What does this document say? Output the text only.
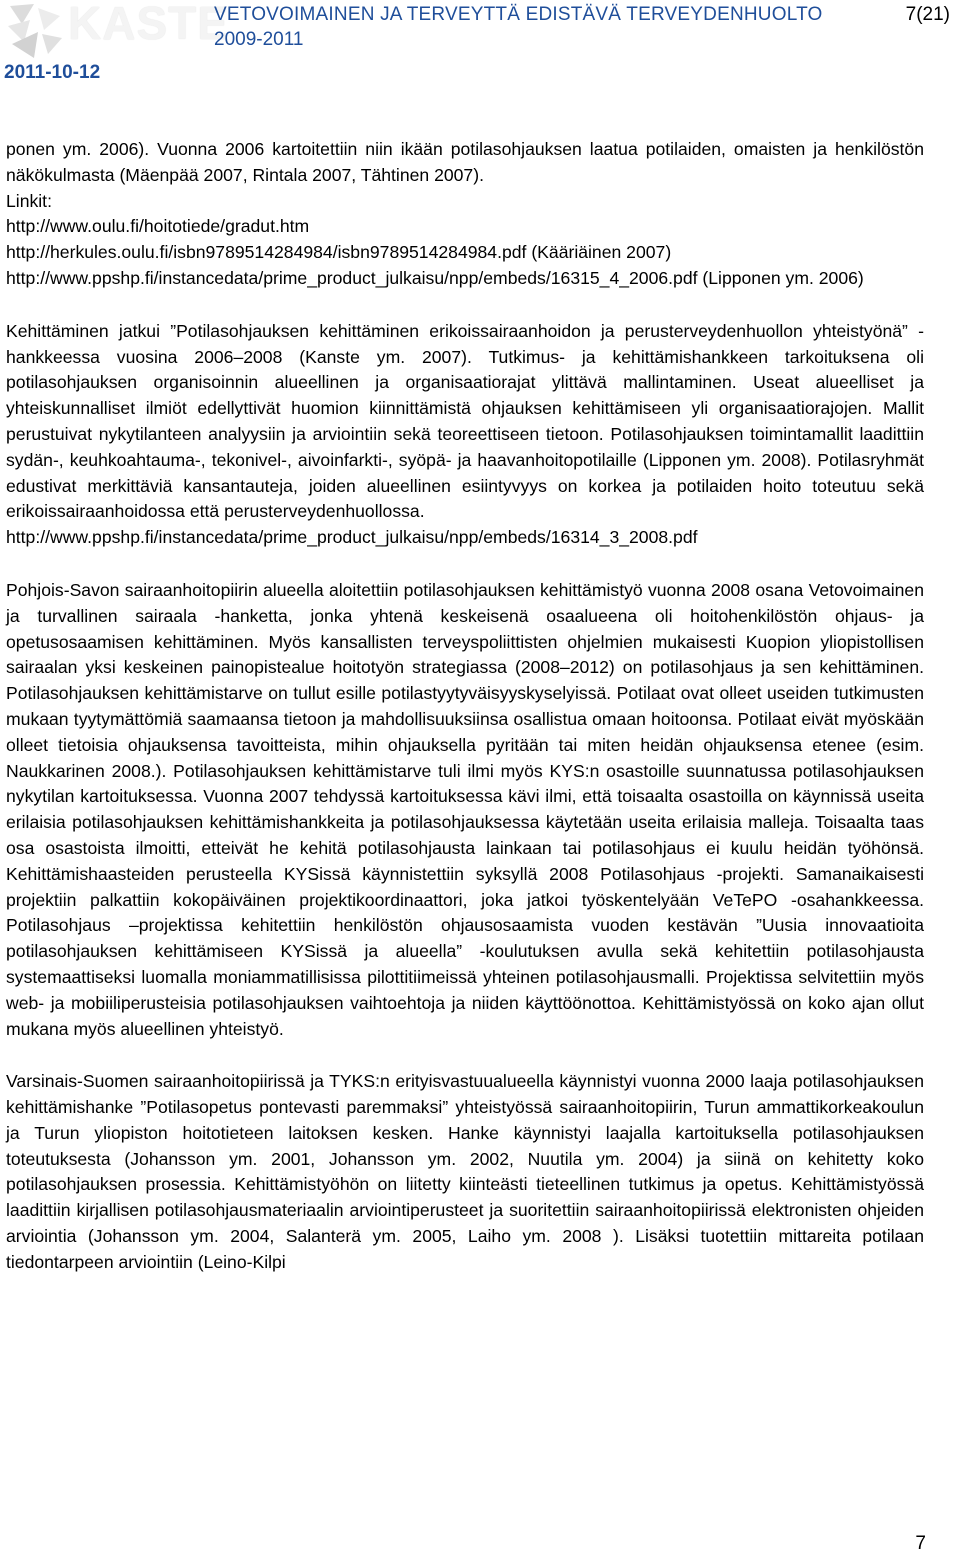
KASTE
VETOVOIMAINEN JA TERVEYTTÄ EDISTÄVÄ TERVEYDENHUOLTO
2009-2011
7(21)
2011-10-12

ponen ym. 2006). Vuonna 2006 kartoitettiin niin ikään potilasohjauksen laatua potilaiden, omaisten ja henkilöstön näkökulmasta (Mäenpää 2007, Rintala 2007, Tähtinen 2007).

Linkit:

http://www.oulu.fi/hoitotiede/gradut.htm

http://herkules.oulu.fi/isbn9789514284984/isbn9789514284984.pdf (Kääriäinen 2007)

http://www.ppshp.fi/instancedata/prime_product_julkaisu/npp/embeds/16315_4_2006.pdf (Lipponen ym. 2006)

Kehittäminen jatkui ”Potilasohjauksen kehittäminen erikoissairaanhoidon ja perusterveydenhuollon yhteistyönä” -hankkeessa vuosina 2006–2008 (Kanste ym. 2007). Tutkimus- ja kehittämishankkeen tarkoituksena oli potilasohjauksen organisoinnin alueellinen ja organisaatiorajat ylittävä mallintaminen. Useat alueelliset ja yhteiskunnalliset ilmiöt edellyttivät huomion kiinnittämistä ohjauksen kehittämiseen yli organisaatiorajojen. Mallit perustuivat nykytilanteen analyysiin ja arviointiin sekä teoreettiseen tietoon. Potilasohjauksen toimintamallit laadittiin sydän-, keuhkoahtauma-, tekonivel-, aivoinfarkti-, syöpä- ja haavanhoitopotilaille (Lipponen ym. 2008). Potilasryhmät edustivat merkittäviä kansantauteja, joiden alueellinen esiintyvyys on korkea ja potilaiden hoito toteutuu sekä erikoissairaanhoidossa että perusterveydenhuollossa.

http://www.ppshp.fi/instancedata/prime_product_julkaisu/npp/embeds/16314_3_2008.pdf

Pohjois-Savon sairaanhoitopiirin alueella aloitettiin potilasohjauksen kehittämistyö vuonna 2008 osana Vetovoimainen ja turvallinen sairaala -hanketta, jonka yhtenä keskeisenä osaalueena oli hoitohenkilöstön ohjaus- ja opetusosaamisen kehittäminen. Myös kansallisten terveyspoliittisten ohjelmien mukaisesti Kuopion yliopistollisen sairaalan yksi keskeinen painopistealue hoitotyön strategiassa (2008–2012) on potilasohjaus ja sen kehittäminen. Potilasohjauksen kehittämistarve on tullut esille potilastyytyväisyyskyselyissä. Potilaat ovat olleet useiden tutkimusten mukaan tyytymättömiä saamaansa tietoon ja mahdollisuuksiinsa osallistua omaan hoitoonsa. Potilaat eivät myöskään olleet tietoisia ohjauksensa tavoitteista, mihin ohjauksella pyritään tai miten heidän ohjauksensa etenee (esim. Naukkarinen 2008.). Potilasohjauksen kehittämistarve tuli ilmi myös KYS:n osastoille suunnatussa potilasohjauksen nykytilan kartoituksessa. Vuonna 2007 tehdyssä kartoituksessa kävi ilmi, että toisaalta osastoilla on käynnissä useita erilaisia potilasohjauksen kehittämishankkeita ja potilasohjauksessa käytetään useita erilaisia malleja. Toisaalta taas osa osastoista ilmoitti, etteivät he kehitä potilasohjausta lainkaan tai potilasohjaus ei kuulu heidän työhönsä. Kehittämishaasteiden perusteella KYSissä käynnistettiin syksyllä 2008 Potilasohjaus -projekti. Samanaikaisesti projektiin palkattiin kokopäiväinen projektikoordinaattori, joka jatkoi työskentelyään VeTePO -osahankkeessa. Potilasohjaus –projektissa kehitettiin henkilöstön ohjausosaamista vuoden kestävän ”Uusia innovaatioita potilasohjauksen kehittämiseen KYSissä ja alueella” -koulutuksen avulla sekä kehitettiin potilasohjausta systemaattiseksi luomalla moniammatillisissa pilottitiimeissä yhteinen potilasohjausmalli. Projektissa selvitettiin myös web- ja mobiiliperusteisia potilasohjauksen vaihtoehtoja ja niiden käyttöönottoa. Kehittämistyössä on koko ajan ollut mukana myös alueellinen yhteistyö.

Varsinais-Suomen sairaanhoitopiirissä ja TYKS:n erityisvastuualueella käynnistyi vuonna 2000 laaja potilasohjauksen kehittämishanke ”Potilasopetus pontevasti paremmaksi” yhteistyössä sairaanhoitopiirin, Turun ammattikorkeakoulun ja Turun yliopiston hoitotieteen laitoksen kesken. Hanke käynnistyi laajalla kartoituksella potilasohjauksen toteutuksesta (Johansson ym. 2001, Johansson ym. 2002, Nuutila ym. 2004) ja siinä on kehitetty koko potilasohjauksen prosessia. Kehittämistyöhön on liitetty kiinteästi tieteellinen tutkimus ja opetus. Kehittämistyössä laadittiin kirjallisen potilasohjausmateriaalin arviointiperusteet ja suoritettiin sairaanhoitopiirissä elektronisten ohjeiden arviointia (Johansson ym. 2004, Salanterä ym. 2005, Laiho ym. 2008 ). Lisäksi tuotettiin mittareita potilaan tiedontarpeen arviointiin (Leino-Kilpi

7
